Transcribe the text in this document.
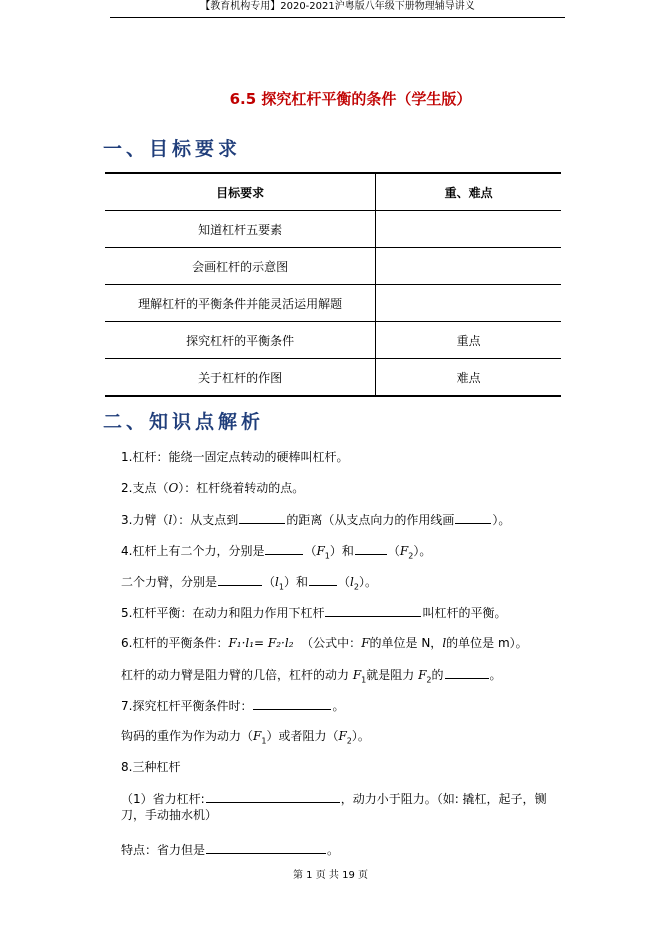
【教育机构专用】2020-2021沪粤版八年级下册物理辅导讲义
6.5 探究杠杆平衡的条件（学生版）
一、目标要求
目标要求	重、难点
知道杠杆五要素	
会画杠杆的示意图	
理解杠杆的平衡条件并能灵活运用解题	
探究杠杆的平衡条件	重点
关于杠杆的作图	难点
二、知识点解析
1.杠杆：能绕一固定点转动的硬棒叫杠杆。
2.支点（O）：杠杆绕着转动的点。
3.力臂（l）：从支点到	的距离（从支点向力的作用线画	）。
4.杠杆上有二个力，分别是	$(F_1)$和	$(F_2)$。
二个力臂，分别是	$(l_1)$和	$(l_2)$。
5.杠杆平衡：在动力和阻力作用下杠杆	叫杠杆的平衡。
6.杠杆的平衡条件：F₁·l₁= F₂·l₂ （公式中：F的单位是 N，l的单位是 m）。
杠杆的动力臂是阻力臂的几倍，杠杆的动力 $F_1$就是阻力 $F_2$的	。
7.探究杠杆平衡条件时：	。
钩码的重作为作为动力$(F_1)$或者阻力$(F_2)$。
8.三种杠杆
（1）省力杠杆:	，动力小于阻力。（如: 撬杠，起子，铡刀，手动抽水机）
特点：省力但是	。
第 1 页 共 19 页
